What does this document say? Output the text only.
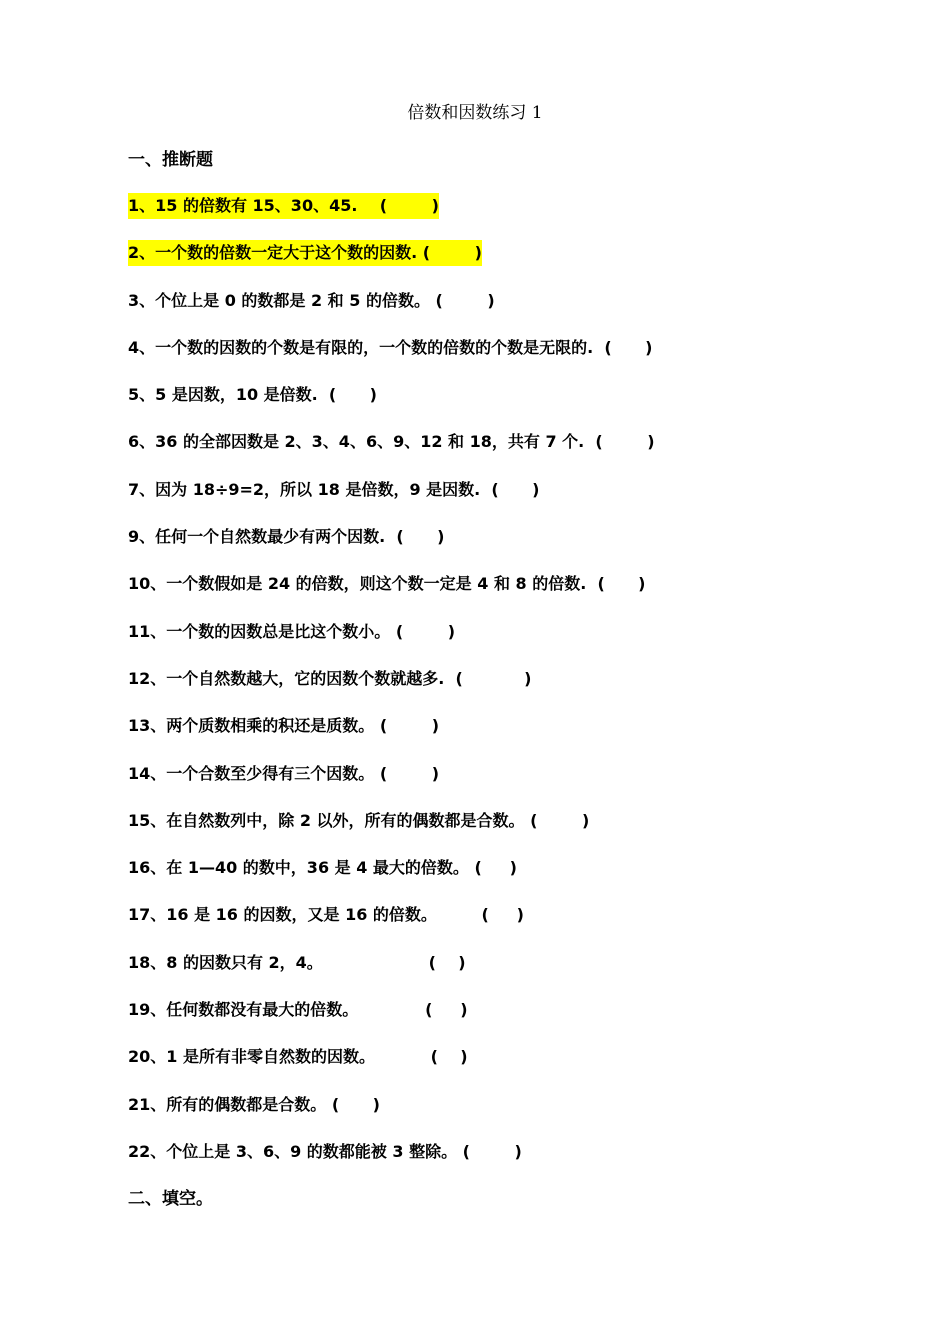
倍数和因数练习 1
一、推断题
1、15 的倍数有 15、30、45.    (        )
2、一个数的倍数一定大于这个数的因数. (        )
3、个位上是 0 的数都是 2 和 5 的倍数。 (        )
4、一个数的因数的个数是有限的，一个数的倍数的个数是无限的.  (      )
5、5 是因数，10 是倍数.  (      )
6、36 的全部因数是 2、3、4、6、9、12 和 18，共有 7 个.  (        )
7、因为 18÷9=2，所以 18 是倍数，9 是因数.  (      )
9、任何一个自然数最少有两个因数.  (      )
10、一个数假如是 24 的倍数，则这个数一定是 4 和 8 的倍数.  (      )
11、一个数的因数总是比这个数小。 (        )
12、一个自然数越大，它的因数个数就越多.  (           )
13、两个质数相乘的积还是质数。 (        )
14、一个合数至少得有三个因数。 (        )
15、在自然数列中，除 2 以外，所有的偶数都是合数。 (        )
16、在 1—40 的数中，36 是 4 最大的倍数。 (     )
17、16 是 16 的因数，又是 16 的倍数。        (     )
18、8 的因数只有 2，4。                   (    )
19、任何数都没有最大的倍数。            (     )
20、1 是所有非零自然数的因数。          (    )
21、所有的偶数都是合数。 (      )
22、个位上是 3、6、9 的数都能被 3 整除。 (        )
二、填空。
